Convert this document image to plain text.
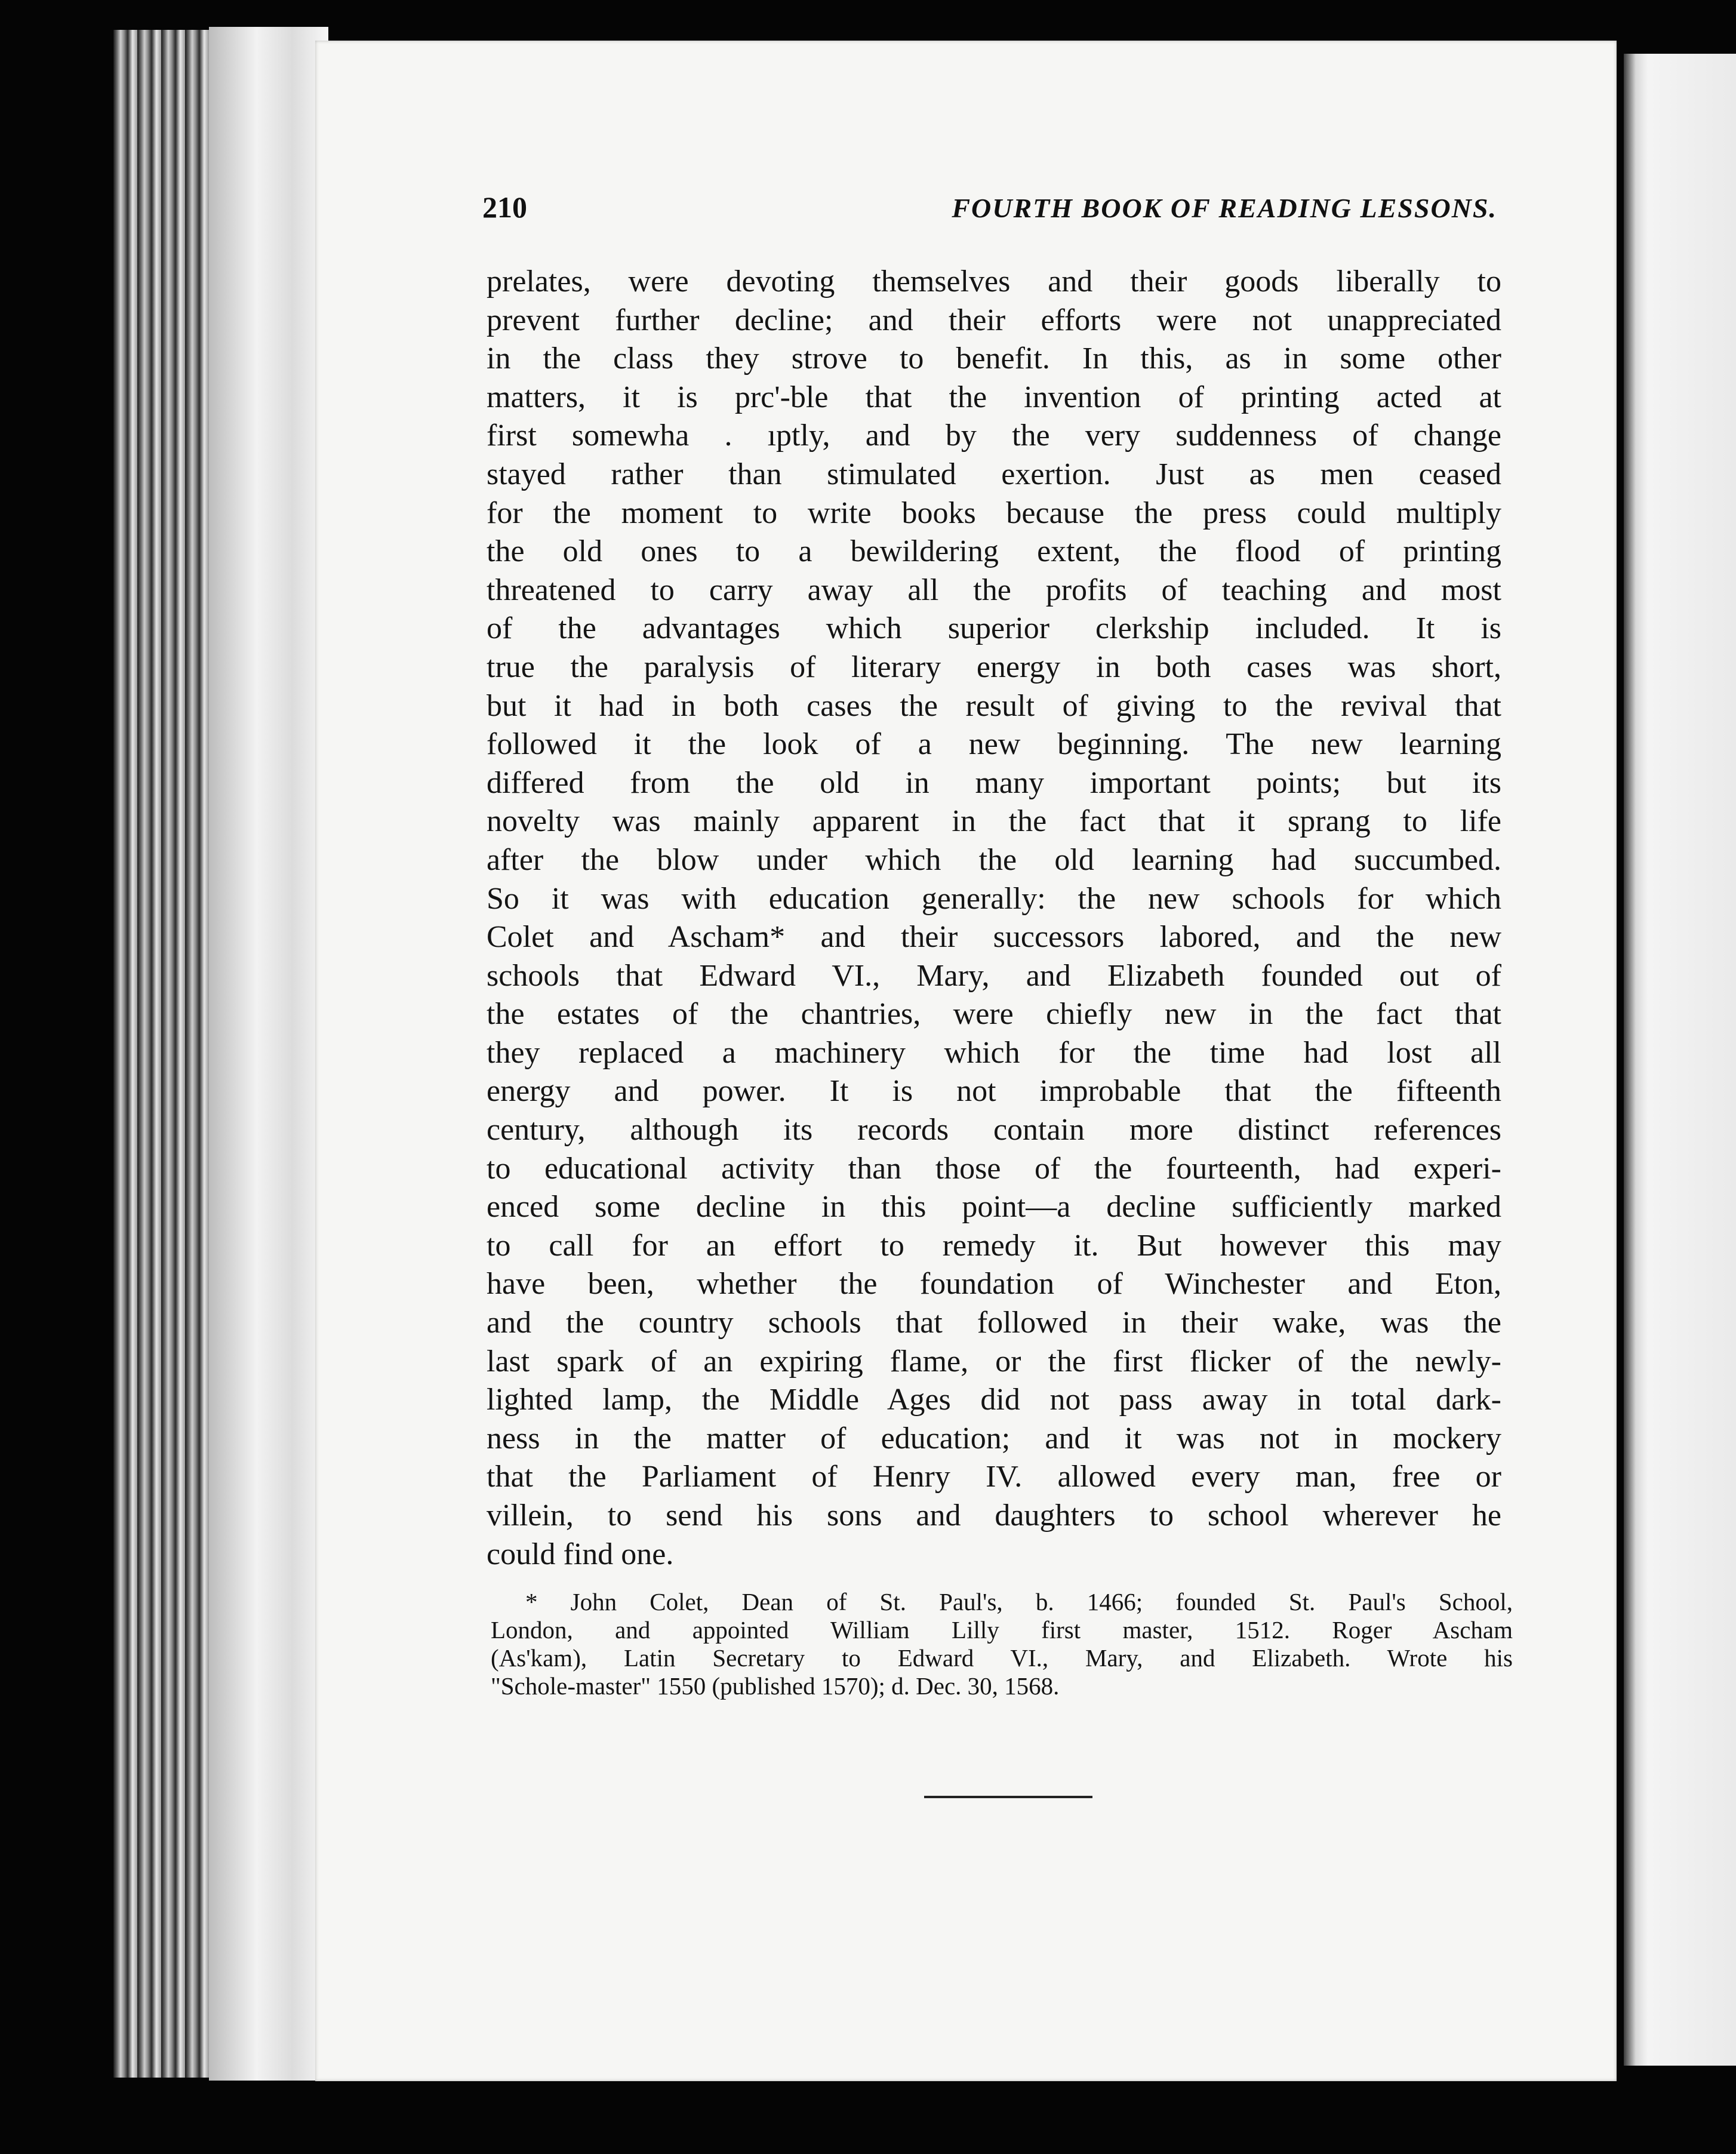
210	FOURTH BOOK OF READING LESSONS.
prelates, were devoting themselves and their goods liberally to
prevent further decline; and their efforts were not unappreciated
in the class they strove to benefit. In this, as in some other
matters, it is prc'-ble that the invention of printing acted at
first somewha . ıptly, and by the very suddenness of change
stayed rather than stimulated exertion. Just as men ceased
for the moment to write books because the press could multiply
the old ones to a bewildering extent, the flood of printing
threatened to carry away all the profits of teaching and most
of the advantages which superior clerkship included. It is
true the paralysis of literary energy in both cases was short,
but it had in both cases the result of giving to the revival that
followed it the look of a new beginning. The new learning
differed from the old in many important points; but its
novelty was mainly apparent in the fact that it sprang to life
after the blow under which the old learning had succumbed.
So it was with education generally: the new schools for which
Colet and Ascham* and their successors labored, and the new
schools that Edward VI., Mary, and Elizabeth founded out of
the estates of the chantries, were chiefly new in the fact that
they replaced a machinery which for the time had lost all
energy and power. It is not improbable that the fifteenth
century, although its records contain more distinct references
to educational activity than those of the fourteenth, had experi-
enced some decline in this point—a decline sufficiently marked
to call for an effort to remedy it. But however this may
have been, whether the foundation of Winchester and Eton,
and the country schools that followed in their wake, was the
last spark of an expiring flame, or the first flicker of the newly-
lighted lamp, the Middle Ages did not pass away in total dark-
ness in the matter of education; and it was not in mockery
that the Parliament of Henry IV. allowed every man, free or
villein, to send his sons and daughters to school wherever he
could find one.
* John Colet, Dean of St. Paul's, b. 1466; founded St. Paul's School,
London, and appointed William Lilly first master, 1512. Roger Ascham
(As'kam), Latin Secretary to Edward VI., Mary, and Elizabeth. Wrote his
"Schole-master" 1550 (published 1570); d. Dec. 30, 1568.
